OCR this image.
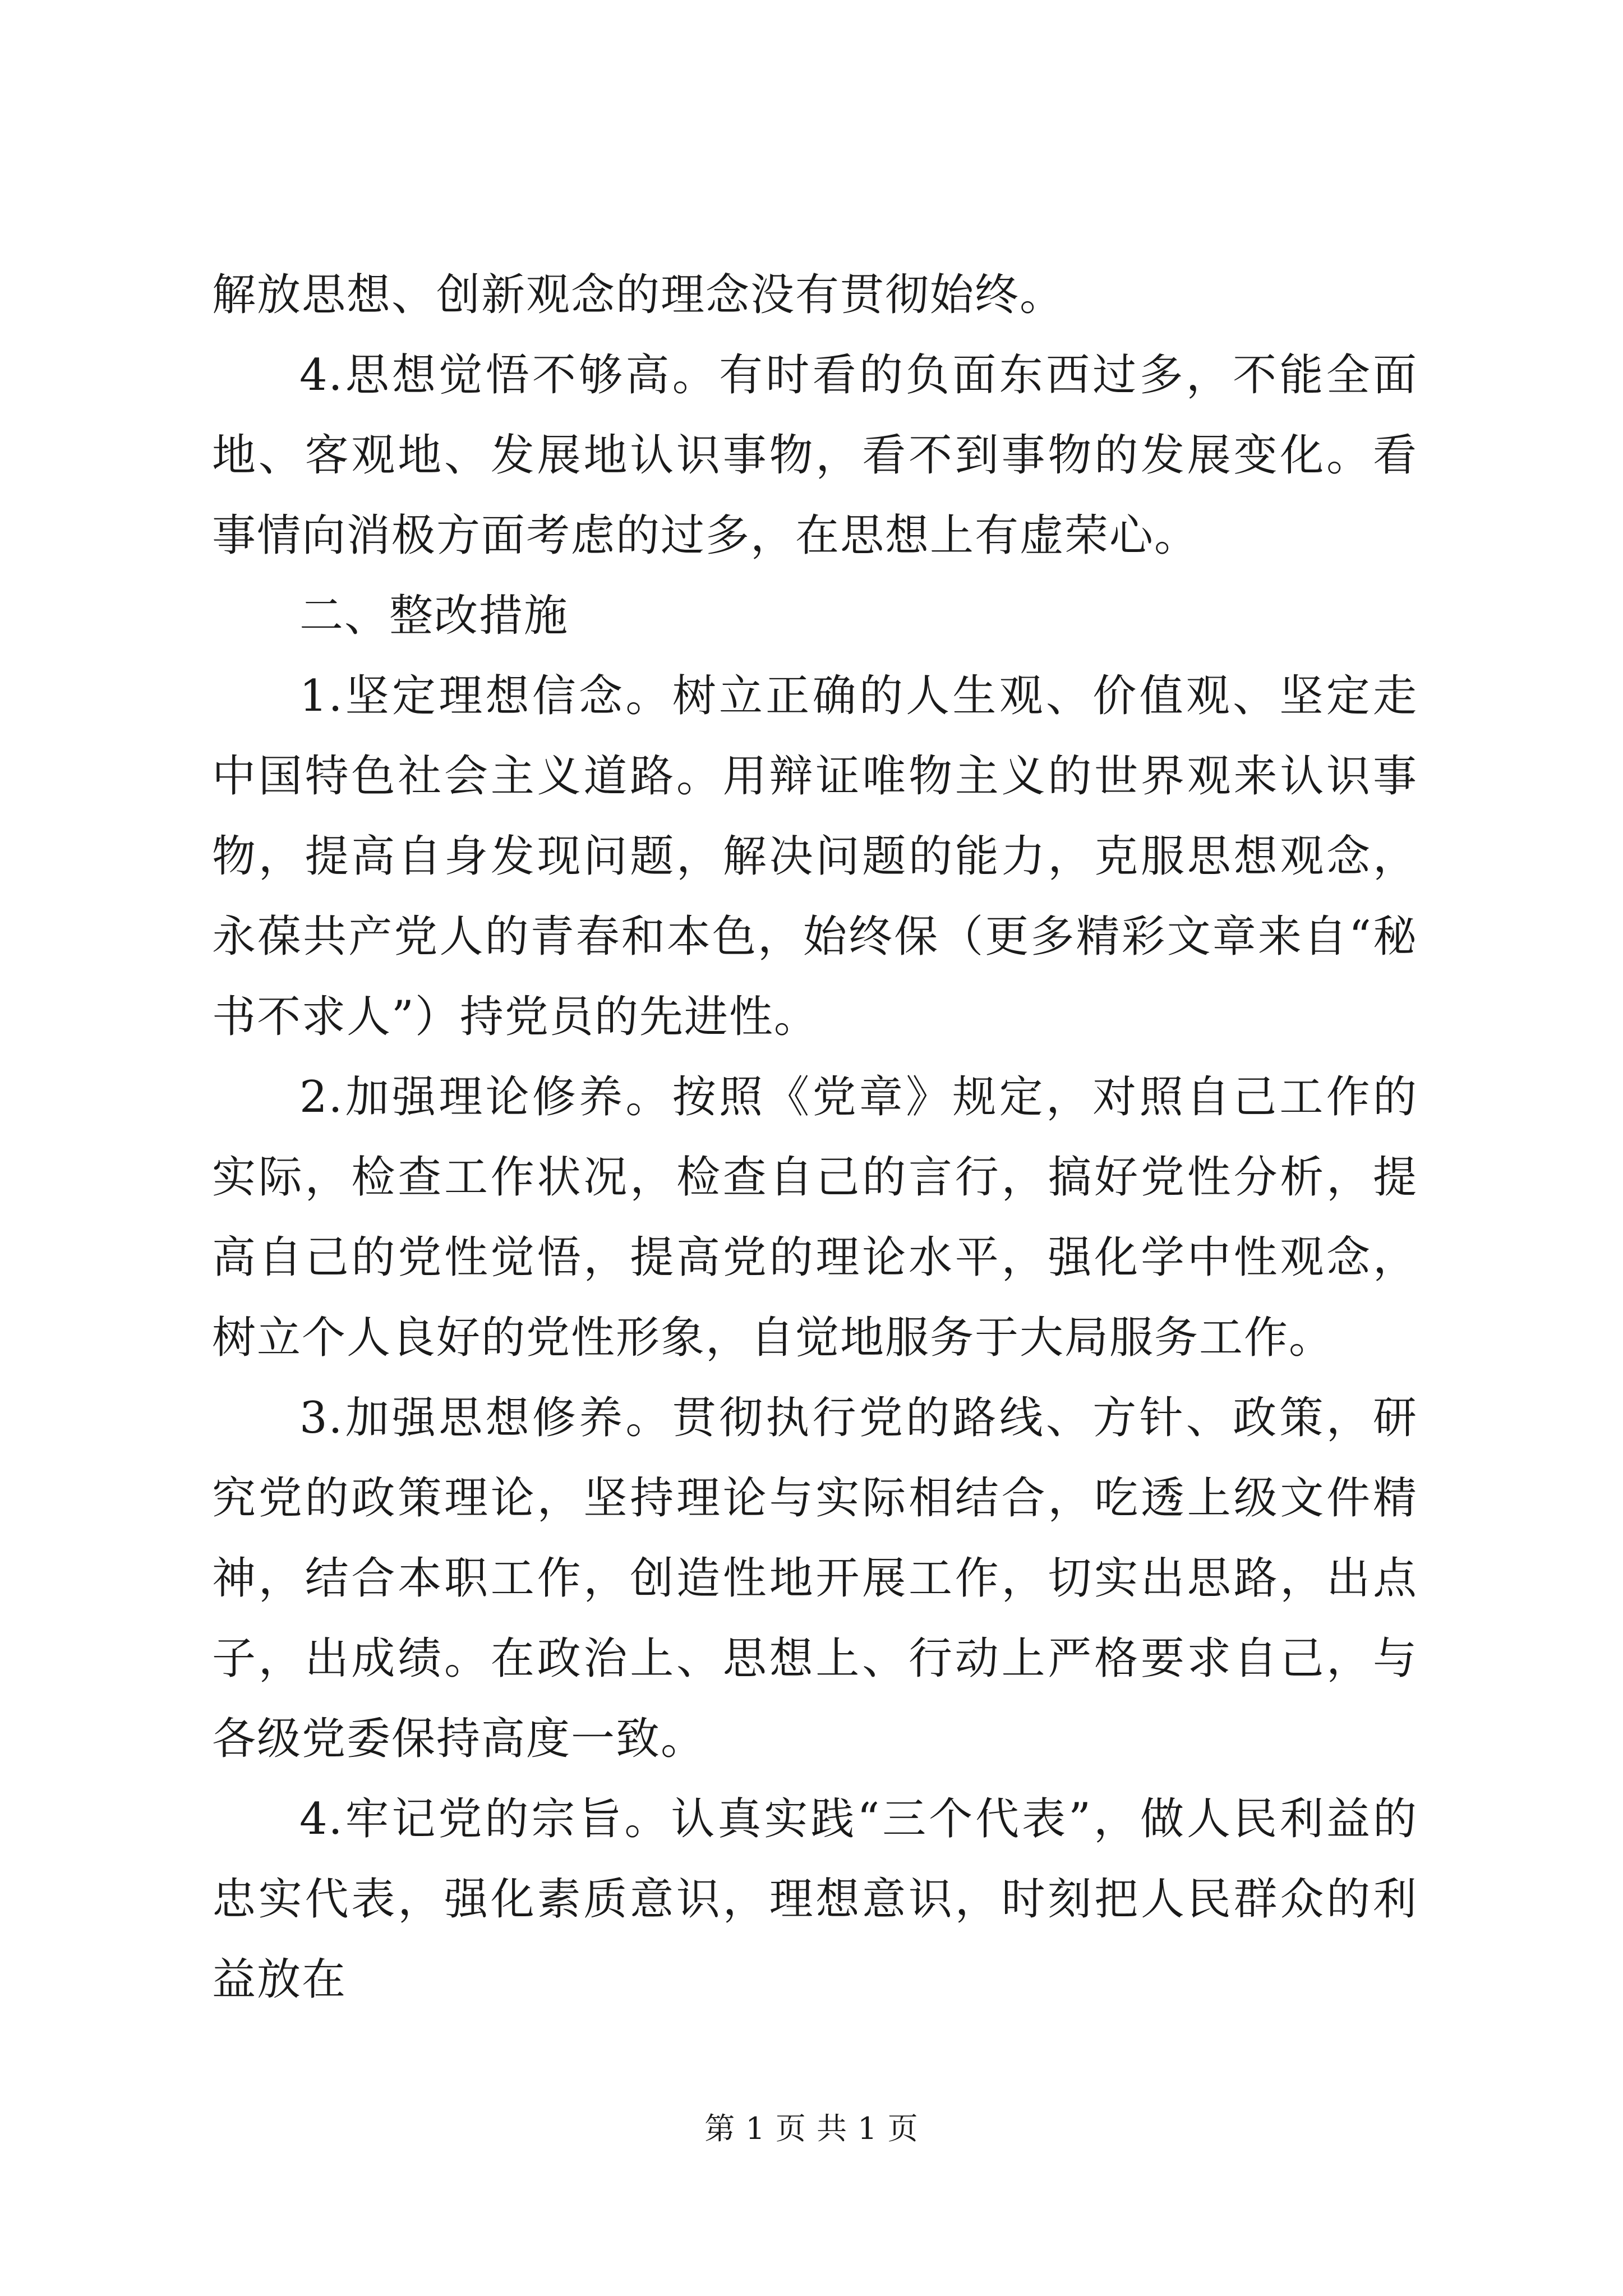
解放思想、创新观念的理念没有贯彻始终。

4.思想觉悟不够高。有时看的负面东西过多，不能全面地、客观地、发展地认识事物，看不到事物的发展变化。看事情向消极方面考虑的过多，在思想上有虚荣心。

二、整改措施

1.坚定理想信念。树立正确的人生观、价值观、坚定走中国特色社会主义道路。用辩证唯物主义的世界观来认识事物，提高自身发现问题，解决问题的能力，克服思想观念，永葆共产党人的青春和本色，始终保（更多精彩文章来自“秘书不求人”）持党员的先进性。

2.加强理论修养。按照《党章》规定，对照自己工作的实际，检查工作状况，检查自己的言行，搞好党性分析，提高自己的党性觉悟，提高党的理论水平，强化学中性观念，树立个人良好的党性形象，自觉地服务于大局服务工作。

3.加强思想修养。贯彻执行党的路线、方针、政策，研究党的政策理论，坚持理论与实际相结合，吃透上级文件精神，结合本职工作，创造性地开展工作，切实出思路，出点子，出成绩。在政治上、思想上、行动上严格要求自己，与各级党委保持高度一致。

4.牢记党的宗旨。认真实践“三个代表”，做人民利益的忠实代表，强化素质意识，理想意识，时刻把人民群众的利益放在

第 1 页 共 1 页
